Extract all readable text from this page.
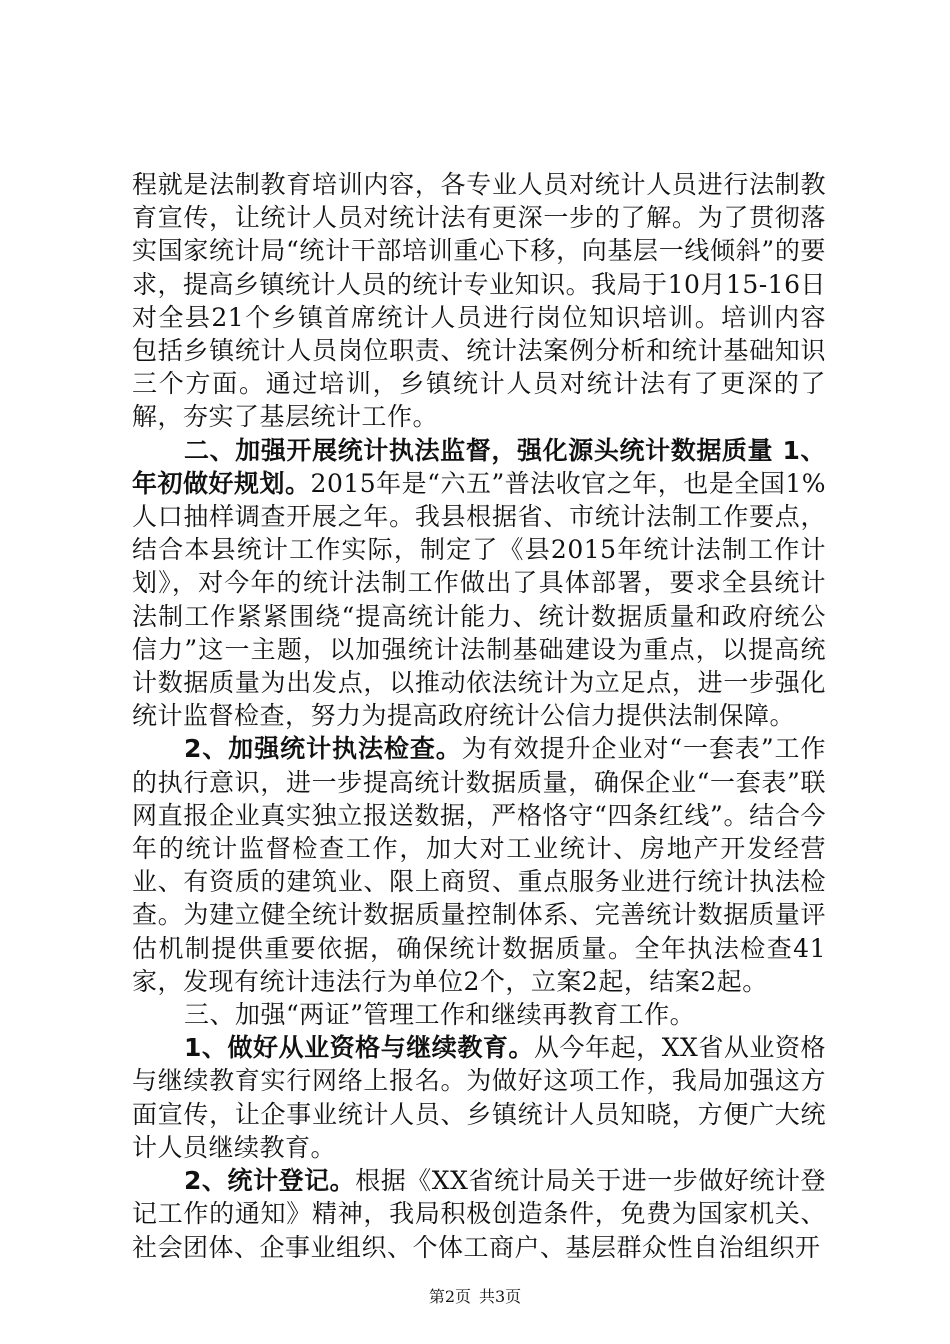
程就是法制教育培训内容，各专业人员对统计人员进行法制教育宣传，让统计人员对统计法有更深一步的了解。为了贯彻落实国家统计局“统计干部培训重心下移，向基层一线倾斜”的要求，提高乡镇统计人员的统计专业知识。我局于10月15-16日对全县21个乡镇首席统计人员进行岗位知识培训。培训内容包括乡镇统计人员岗位职责、统计法案例分析和统计基础知识三个方面。通过培训，乡镇统计人员对统计法有了更深的了解，夯实了基层统计工作。

二、加强开展统计执法监督，强化源头统计数据质量 1、年初做好规划。2015年是“六五”普法收官之年，也是全国1%人口抽样调查开展之年。我县根据省、市统计法制工作要点，结合本县统计工作实际，制定了《县2015年统计法制工作计划》，对今年的统计法制工作做出了具体部署，要求全县统计法制工作紧紧围绕“提高统计能力、统计数据质量和政府统公信力”这一主题，以加强统计法制基础建设为重点，以提高统计数据质量为出发点，以推动依法统计为立足点，进一步强化统计监督检查，努力为提高政府统计公信力提供法制保障。

2、加强统计执法检查。为有效提升企业对“一套表”工作的执行意识，进一步提高统计数据质量，确保企业“一套表”联网直报企业真实独立报送数据，严格恪守“四条红线”。结合今年的统计监督检查工作，加大对工业统计、房地产开发经营业、有资质的建筑业、限上商贸、重点服务业进行统计执法检查。为建立健全统计数据质量控制体系、完善统计数据质量评估机制提供重要依据，确保统计数据质量。全年执法检查41家，发现有统计违法行为单位2个，立案2起，结案2起。

三、加强“两证”管理工作和继续再教育工作。

1、做好从业资格与继续教育。从今年起，XX省从业资格与继续教育实行网络上报名。为做好这项工作，我局加强这方面宣传，让企事业统计人员、乡镇统计人员知晓，方便广大统计人员继续教育。

2、统计登记。根据《XX省统计局关于进一步做好统计登记工作的通知》精神，我局积极创造条件，免费为国家机关、社会团体、企事业组织、个体工商户、基层群众性自治组织开

第2页 共3页
